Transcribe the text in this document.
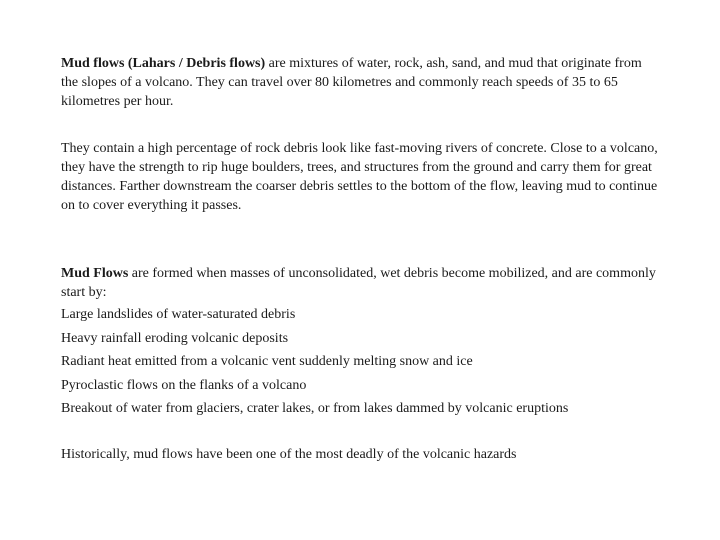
Mud flows (Lahars / Debris flows) are mixtures of water, rock, ash, sand, and mud that originate from the slopes of a volcano. They can travel over 80 kilometres and commonly reach speeds of 35 to 65 kilometres per hour.

They contain a high percentage of rock debris look like fast-moving rivers of concrete. Close to a volcano, they have the strength to rip huge boulders, trees, and structures from the ground and carry them for great distances. Farther downstream the coarser debris settles to the bottom of the flow, leaving mud to continue on to cover everything it passes.

Mud Flows are formed when masses of unconsolidated, wet debris become mobilized, and are commonly start by:

Large landslides of water-saturated debris
Heavy rainfall eroding volcanic deposits
Radiant heat emitted from a volcanic vent suddenly melting snow and ice
Pyroclastic flows on the flanks of a volcano
Breakout of water from glaciers, crater lakes, or from lakes dammed by volcanic eruptions

Historically, mud flows have been one of the most deadly of the volcanic hazards
